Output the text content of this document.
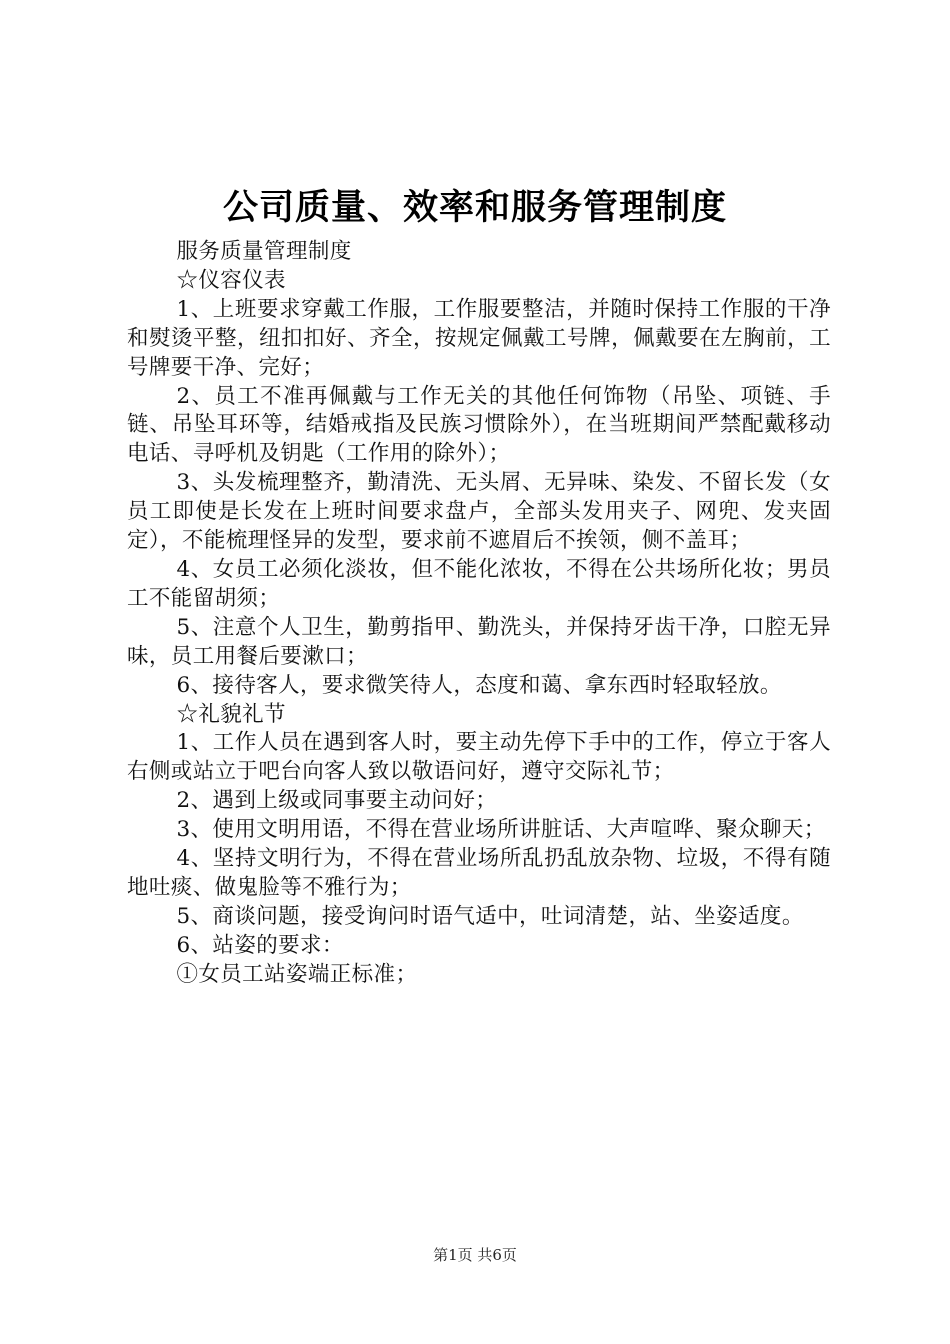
公司质量、效率和服务管理制度

服务质量管理制度

☆仪容仪表

1、上班要求穿戴工作服，工作服要整洁，并随时保持工作服的干净和熨烫平整，纽扣扣好、齐全，按规定佩戴工号牌，佩戴要在左胸前，工号牌要干净、完好；

2、员工不准再佩戴与工作无关的其他任何饰物（吊坠、项链、手链、吊坠耳环等，结婚戒指及民族习惯除外），在当班期间严禁配戴移动电话、寻呼机及钥匙（工作用的除外）；

3、头发梳理整齐，勤清洗、无头屑、无异味、染发、不留长发（女员工即使是长发在上班时间要求盘卢，全部头发用夹子、网兜、发夹固定），不能梳理怪异的发型，要求前不遮眉后不挨领，侧不盖耳；

4、女员工必须化淡妆，但不能化浓妆，不得在公共场所化妆；男员工不能留胡须；

5、注意个人卫生，勤剪指甲、勤洗头，并保持牙齿干净，口腔无异味，员工用餐后要漱口；

6、接待客人，要求微笑待人，态度和蔼、拿东西时轻取轻放。

☆礼貌礼节

1、工作人员在遇到客人时，要主动先停下手中的工作，停立于客人右侧或站立于吧台向客人致以敬语问好，遵守交际礼节；

2、遇到上级或同事要主动问好；

3、使用文明用语，不得在营业场所讲脏话、大声喧哗、聚众聊天；

4、坚持文明行为，不得在营业场所乱扔乱放杂物、垃圾，不得有随地吐痰、做鬼脸等不雅行为；

5、商谈问题，接受询问时语气适中，吐词清楚，站、坐姿适度。

6、站姿的要求：

①女员工站姿端正标准；

第1页 共6页
